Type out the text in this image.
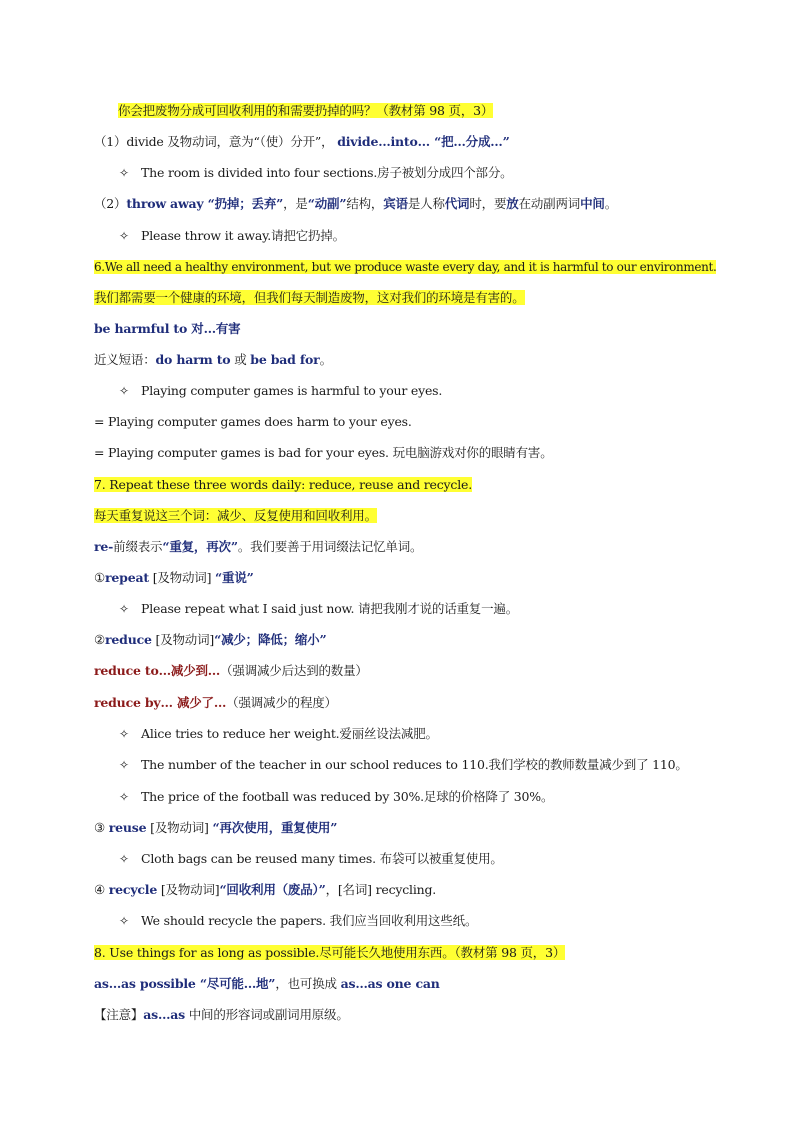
你会把废物分成可回收利用的和需要扔掉的吗？（教材第 98 页，3）
（1）divide 及物动词，意为“（使）分开”， divide…into… “把…分成…”
✧ The room is divided into four sections.房子被划分成四个部分。
（2）throw away “扔掉；丢弃”，是“动副”结构，宾语是人称代词时，要放在动副两词中间。
✧ Please throw it away.请把它扔掉。
6.We all need a healthy environment, but we produce waste every day, and it is harmful to our environment.
我们都需要一个健康的环境，但我们每天制造废物，这对我们的环境是有害的。
be harmful to 对…有害
近义短语：do harm to 或 be bad for。
✧ Playing computer games is harmful to your eyes.
= Playing computer games does harm to your eyes.
= Playing computer games is bad for your eyes. 玩电脑游戏对你的眼睛有害。
7. Repeat these three words daily: reduce, reuse and recycle.
每天重复说这三个词：减少、反复使用和回收利用。
re-前缀表示“重复，再次”。我们要善于用词缀法记忆单词。
①repeat [及物动词] “重说”
✧ Please repeat what I said just now. 请把我刚才说的话重复一遍。
②reduce [及物动词]“减少；降低；缩小”
reduce to…减少到…（强调减少后达到的数量）
reduce by… 减少了…（强调减少的程度）
✧ Alice tries to reduce her weight.爱丽丝设法减肥。
✧ The number of the teacher in our school reduces to 110.我们学校的教师数量减少到了 110。
✧ The price of the football was reduced by 30%.足球的价格降了 30%。
③ reuse [及物动词] “再次使用，重复使用”
✧ Cloth bags can be reused many times. 布袋可以被重复使用。
④ recycle [及物动词]“回收利用（废品）”，[名词] recycling.
✧ We should recycle the papers. 我们应当回收利用这些纸。
8. Use things for as long as possible.尽可能长久地使用东西。（教材第 98 页，3）
as…as possible “尽可能…地”，也可换成 as…as one can
【注意】as…as 中间的形容词或副词用原级。
